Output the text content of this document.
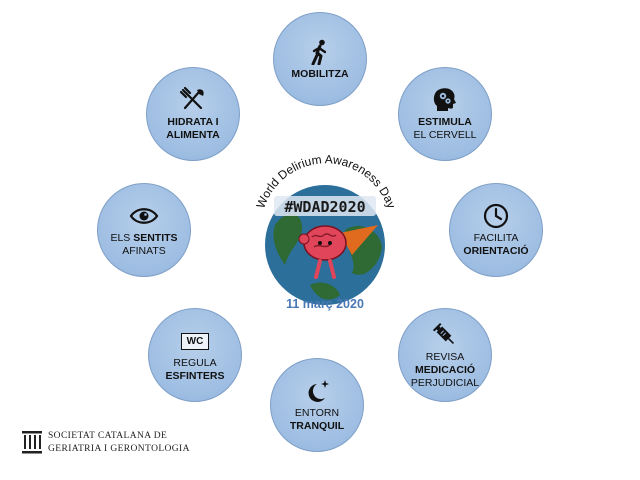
MOBILITZA
ESTIMULA
EL CERVELL
FACILITA
ORIENTACIÓ
REVISA
MEDICACIÓ
PERJUDICIAL
ENTORN
TRANQUIL
WC
REGULA
ESFINTERS
ELS SENTITS
AFINATS
HIDRATA I
ALIMENTA
World Delirium Awareness Day
#WDAD2020
11 març 2020
SOCIETAT CATALANA DE
GERIATRIA I GERONTOLOGIA
